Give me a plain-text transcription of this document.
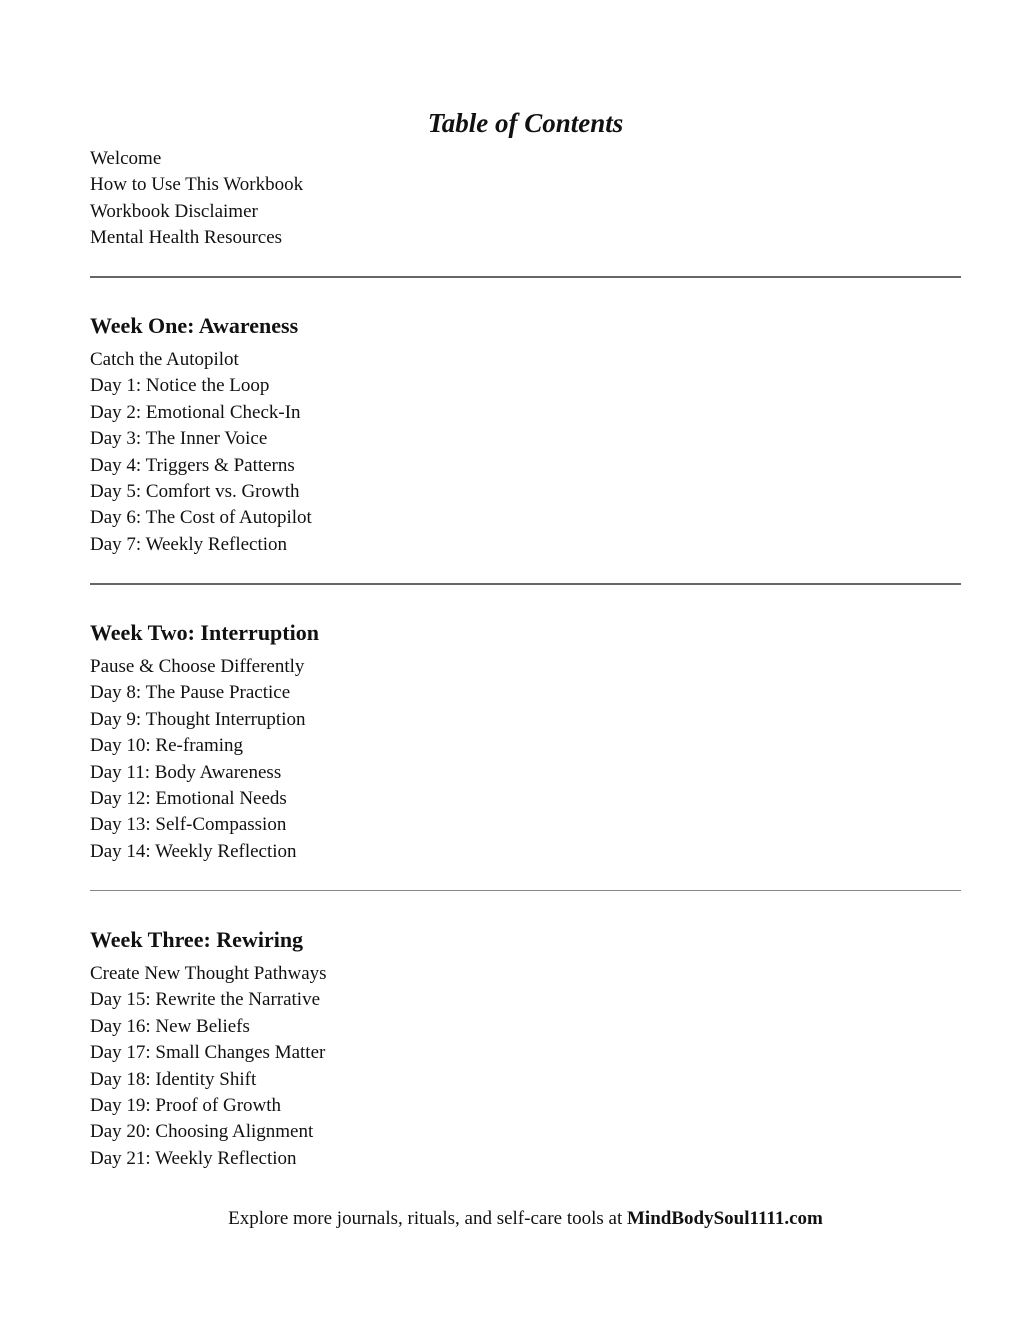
Table of Contents
Welcome
How to Use This Workbook
Workbook Disclaimer
Mental Health Resources
Week One: Awareness
Catch the Autopilot
Day 1: Notice the Loop
Day 2: Emotional Check-In
Day 3: The Inner Voice
Day 4: Triggers & Patterns
Day 5: Comfort vs. Growth
Day 6: The Cost of Autopilot
Day 7: Weekly Reflection
Week Two: Interruption
Pause & Choose Differently
Day 8: The Pause Practice
Day 9: Thought Interruption
Day 10: Re-framing
Day 11: Body Awareness
Day 12: Emotional Needs
Day 13: Self-Compassion
Day 14: Weekly Reflection
Week Three: Rewiring
Create New Thought Pathways
Day 15: Rewrite the Narrative
Day 16: New Beliefs
Day 17: Small Changes Matter
Day 18: Identity Shift
Day 19: Proof of Growth
Day 20: Choosing Alignment
Day 21: Weekly Reflection
Explore more journals, rituals, and self-care tools at MindBodySoul1111.com
